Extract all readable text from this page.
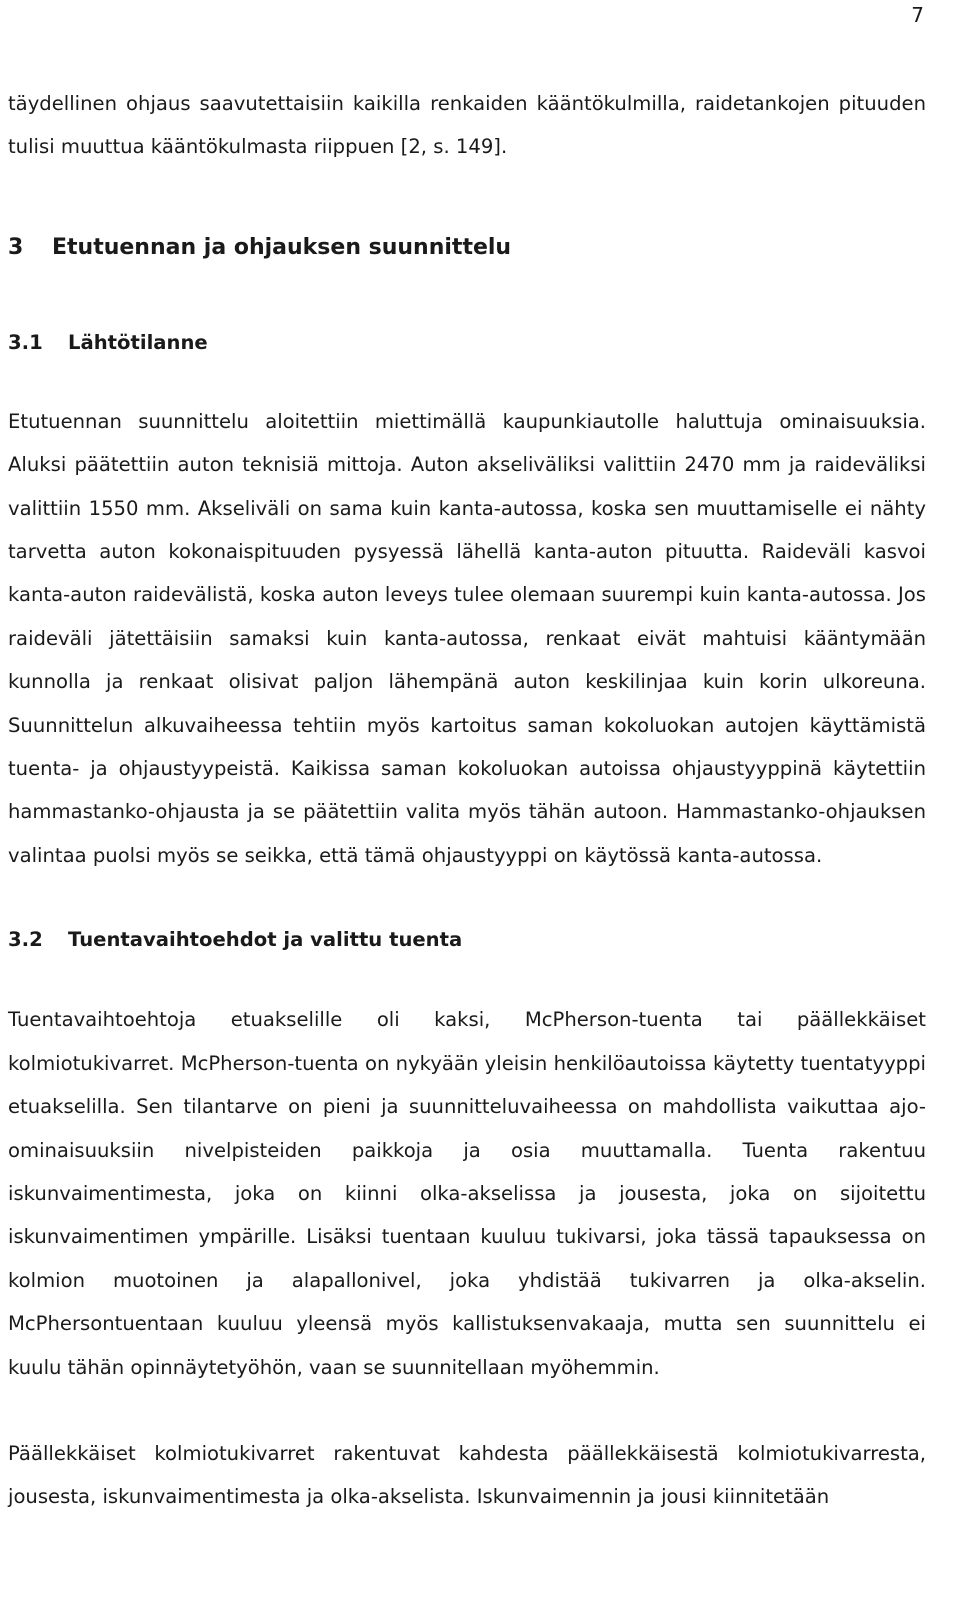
7

täydellinen ohjaus saavutettaisiin kaikilla renkaiden kääntökulmilla, raidetankojen pituuden tulisi muuttua kääntökulmasta riippuen [2, s. 149].

3	Etutuennan ja ohjauksen suunnittelu
3.1	Lähtötilanne

Etutuennan suunnittelu aloitettiin miettimällä kaupunkiautolle haluttuja ominaisuuksia. Aluksi päätettiin auton teknisiä mittoja. Auton akseliväliksi valittiin 2470 mm ja raideväliksi valittiin 1550 mm. Akseliväli on sama kuin kanta-autossa, koska sen muuttamiselle ei nähty tarvetta auton kokonaispituuden pysyessä lähellä kanta-auton pituutta. Raideväli kasvoi kanta-auton raidevälistä, koska auton leveys tulee olemaan suurempi kuin kanta-autossa. Jos raideväli jätettäisiin samaksi kuin kanta-autossa, renkaat eivät mahtuisi kääntymään kunnolla ja renkaat olisivat paljon lähempänä auton keskilinjaa kuin korin ulkoreuna. Suunnittelun alkuvaiheessa tehtiin myös kartoitus saman kokoluokan autojen käyttämistä tuenta- ja ohjaustyypeistä. Kaikissa saman kokoluokan autoissa ohjaustyyppinä käytettiin hammastanko-ohjausta ja se päätettiin valita myös tähän autoon. Hammastanko-ohjauksen valintaa puolsi myös se seikka, että tämä ohjaustyyppi on käytössä kanta-autossa.

3.2	Tuentavaihtoehdot ja valittu tuenta

Tuentavaihtoehtoja etuakselille oli kaksi, McPherson-tuenta tai päällekkäiset kolmiotukivarret. McPherson-tuenta on nykyään yleisin henkilöautoissa käytetty tuentatyyppi etuakselilla. Sen tilantarve on pieni ja suunnitteluvaiheessa on mahdollista vaikuttaa ajo-ominaisuuksiin nivelpisteiden paikkoja ja osia muuttamalla. Tuenta rakentuu iskunvaimentimesta, joka on kiinni olka-akselissa ja jousesta, joka on sijoitettu iskunvaimentimen ympärille. Lisäksi tuentaan kuuluu tukivarsi, joka tässä tapauksessa on kolmion muotoinen ja alapallonivel, joka yhdistää tukivarren ja olka-akselin. McPhersontuentaan kuuluu yleensä myös kallistuksenvakaaja, mutta sen suunnittelu ei kuulu tähän opinnäytetyöhön, vaan se suunnitellaan myöhemmin.

Päällekkäiset kolmiotukivarret rakentuvat kahdesta päällekkäisestä kolmiotukivarresta, jousesta, iskunvaimentimesta ja olka-akselista. Iskunvaimennin ja jousi kiinnitetään
